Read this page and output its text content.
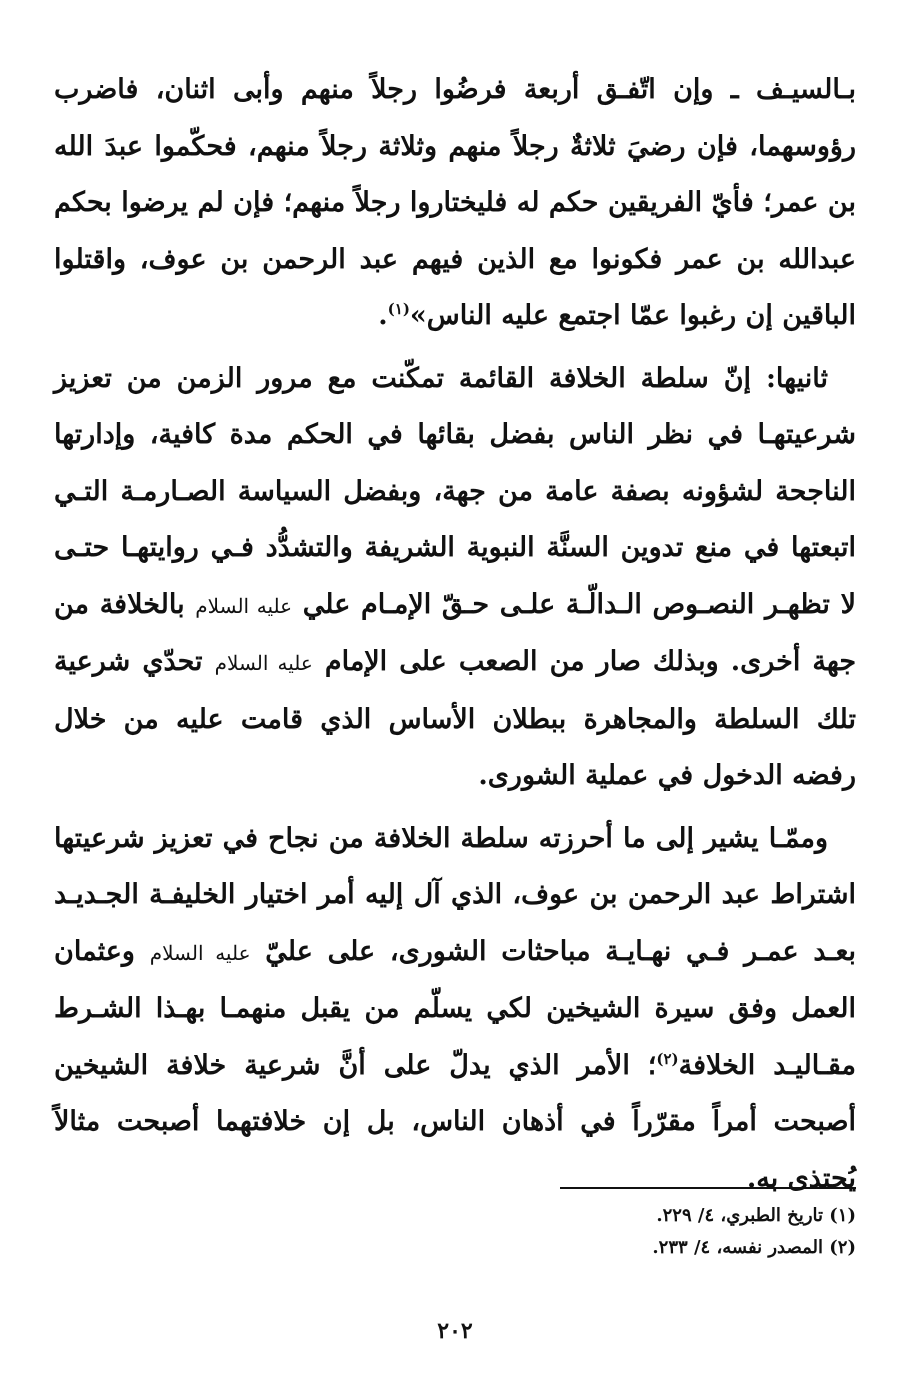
بـالسيـف ـ وإن اتّفـق أربعة فرضُوا رجلاً منهم وأبى اثنان، فاضرب رؤوسهما، فإن رضيَ ثلاثةٌ رجلاً منهم وثلاثة رجلاً منهم، فحكّموا عبدَ الله بن عمر؛ فأيّ الفريقين حكم له فليختاروا رجلاً منهم؛ فإن لم يرضوا بحكم عبدالله بن عمر فكونوا مع الذين فيهم عبد الرحمن بن عوف، واقتلوا الباقين إن رغبوا عمّا اجتمع عليه الناس»$^{(١)}$.

ثانيها: إنّ سلطة الخلافة القائمة تمكّنت مع مرور الزمن من تعزيز شرعيتهـا في نظر الناس بفضل بقائها في الحكم مدة كافية، وإدارتها الناجحة لشؤونه بصفة عامة من جهة، وبفضل السياسة الصـارمـة التـي اتبعتها في منع تدوين السنَّة النبوية الشريفة والتشدُّد فـي روايتهـا حتـى لا تظهـر النصـوص الـدالّـة علـى حـقّ الإمـام علي عليه السلام بالخلافة من جهة أخرى. وبذلك صار من الصعب على الإمام عليه السلام تحدّي شرعية تلك السلطة والمجاهرة ببطلان الأساس الذي قامت عليه من خلال رفضه الدخول في عملية الشورى.

وممّـا يشير إلى ما أحرزته سلطة الخلافة من نجاح في تعزيز شرعيتها اشتراط عبد الرحمن بن عوف، الذي آل إليه أمر اختيار الخليفـة الجـديـد بعـد عمـر فـي نهـايـة مباحثات الشورى، على عليّ عليه السلام وعثمان العمل وفق سيرة الشيخين لكي يسلّم من يقبل منهمـا بهـذا الشـرط مقـاليـد الخلافة$^{(٢)}$؛ الأمر الذي يدلّ على أنَّ شرعية خلافة الشيخين أصبحت أمراً مقرّراً في أذهان الناس، بل إن خلافتهما أصبحت مثالاً يُحتذى به.

(١) تاريخ الطبري، ٤/ ٢٢٩.

(٢) المصدر نفسه، ٤/ ٢٣٣.

٢٠٢
